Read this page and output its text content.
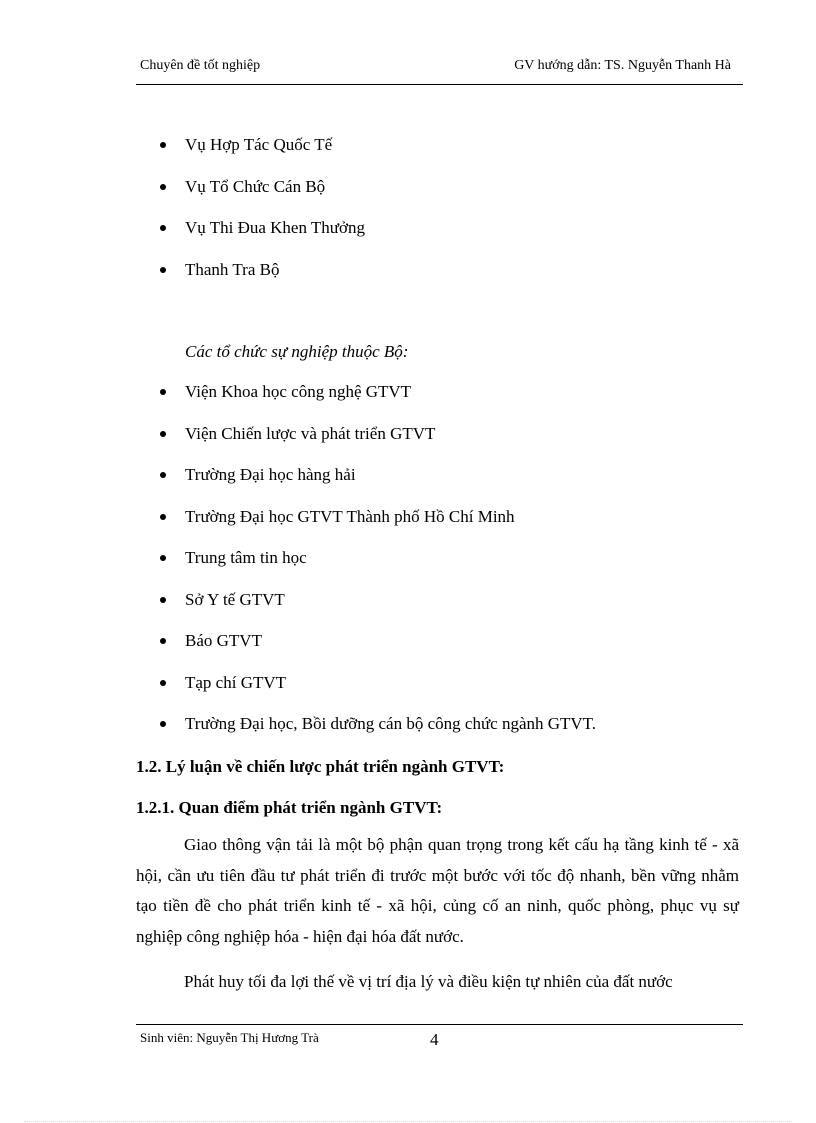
Chuyên đề tốt nghiệp	GV hướng dẫn: TS. Nguyễn Thanh Hà
Vụ Hợp Tác Quốc Tế
Vụ Tổ Chức Cán Bộ
Vụ Thi Đua Khen Thưởng
Thanh Tra Bộ
Các tổ chức sự nghiệp thuộc Bộ:
Viện Khoa học công nghệ GTVT
Viện Chiến lược và phát triển GTVT
Trường Đại học hàng hải
Trường Đại học GTVT Thành phố Hồ Chí Minh
Trung tâm tin học
Sở Y tế GTVT
Báo GTVT
Tạp chí GTVT
Trường Đại học, Bồi dưỡng cán bộ công chức ngành GTVT.
1.2. Lý luận về chiến lược phát triển ngành GTVT:
1.2.1. Quan điểm phát triển ngành GTVT:

Giao thông vận tải là một bộ phận quan trọng trong kết cấu hạ tầng kinh tế - xã hội, cần ưu tiên đầu tư phát triển đi trước một bước với tốc độ nhanh, bền vững nhằm tạo tiền đề cho phát triển kinh tế - xã hội, củng cố an ninh, quốc phòng, phục vụ sự nghiệp công nghiệp hóa - hiện đại hóa đất nước.

Phát huy tối đa lợi thế về vị trí địa lý và điều kiện tự nhiên của đất nước

Sinh viên: Nguyễn Thị Hương Trà	4
